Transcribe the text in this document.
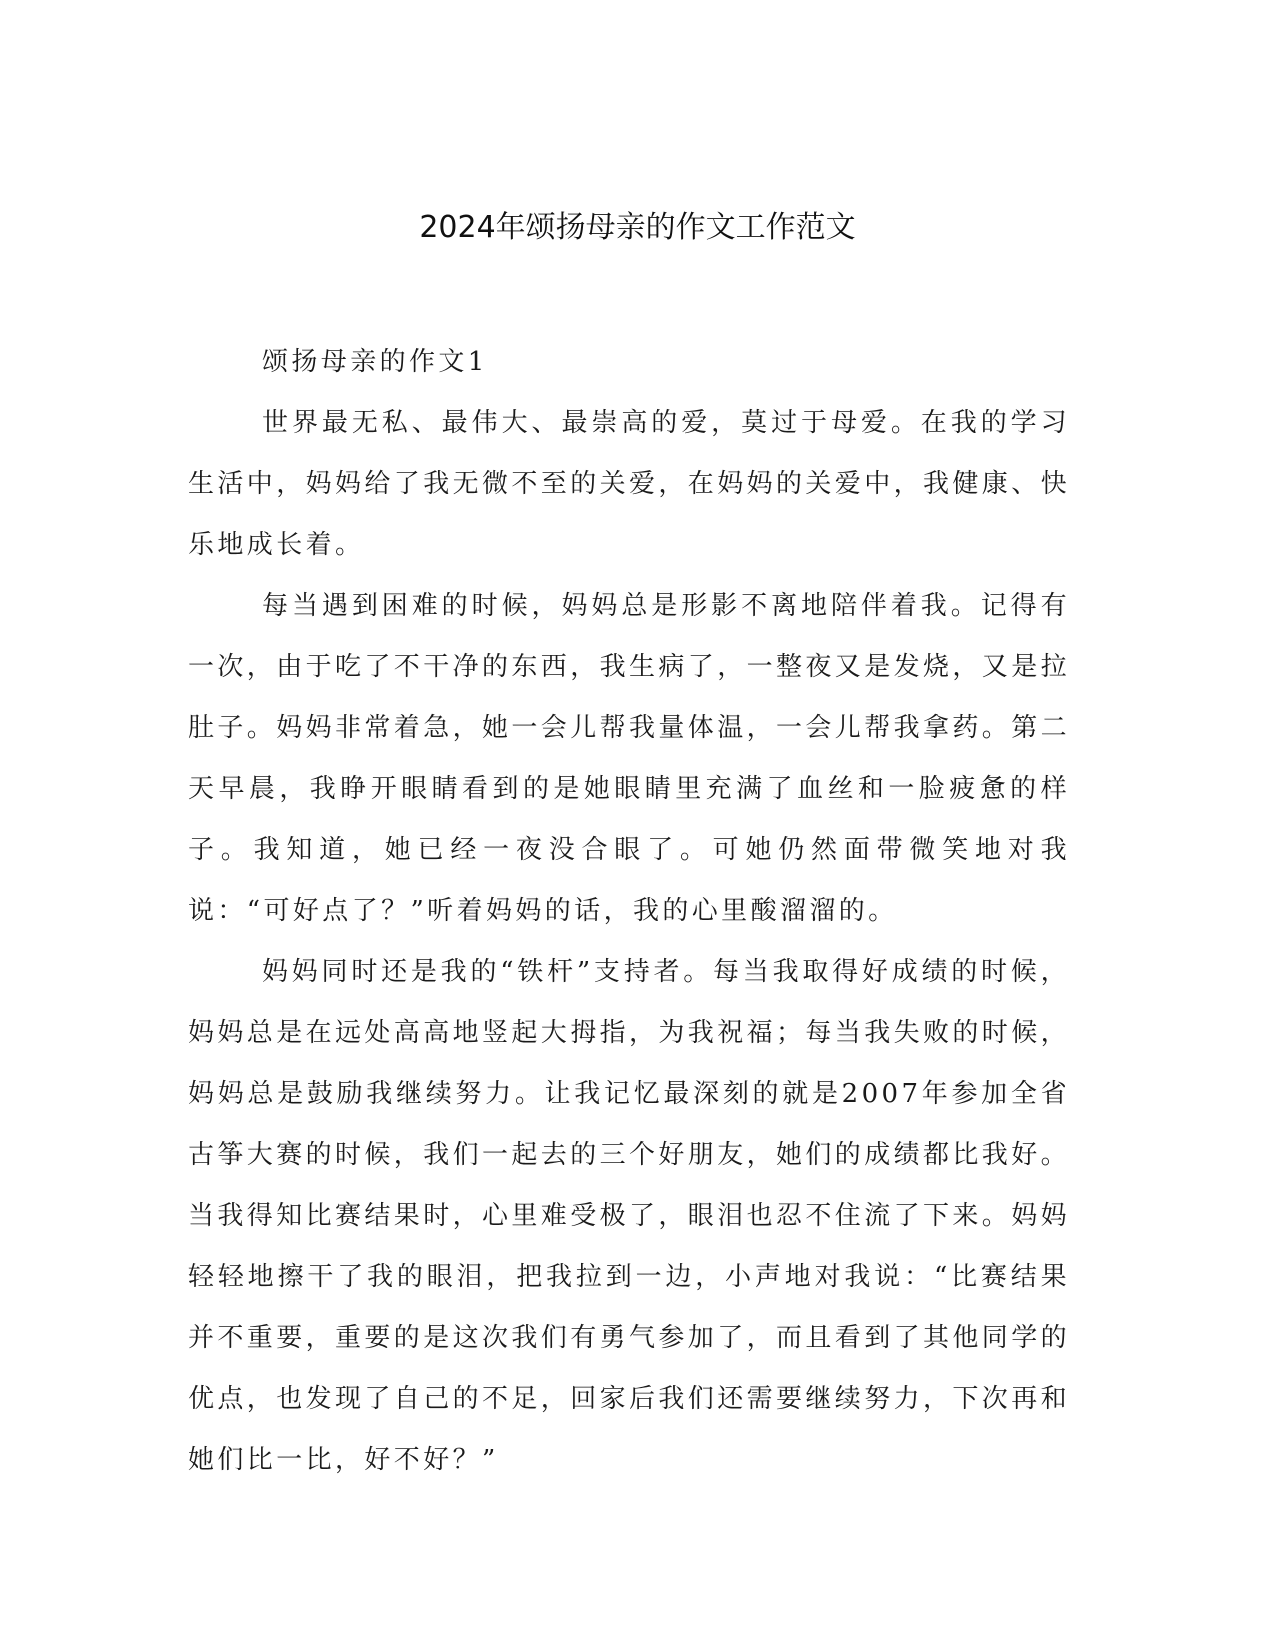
2024年颂扬母亲的作文工作范文

颂扬母亲的作文1

世界最无私、最伟大、最崇高的爱，莫过于母爱。在我的学习生活中，妈妈给了我无微不至的关爱，在妈妈的关爱中，我健康、快乐地成长着。

每当遇到困难的时候，妈妈总是形影不离地陪伴着我。记得有一次，由于吃了不干净的东西，我生病了，一整夜又是发烧，又是拉肚子。妈妈非常着急，她一会儿帮我量体温，一会儿帮我拿药。第二天早晨，我睁开眼睛看到的是她眼睛里充满了血丝和一脸疲惫的样子。我知道，她已经一夜没合眼了。可她仍然面带微笑地对我说：“可好点了？”听着妈妈的话，我的心里酸溜溜的。

妈妈同时还是我的“铁杆”支持者。每当我取得好成绩的时候，妈妈总是在远处高高地竖起大拇指，为我祝福；每当我失败的时候，妈妈总是鼓励我继续努力。让我记忆最深刻的就是2007年参加全省古筝大赛的时候，我们一起去的三个好朋友，她们的成绩都比我好。当我得知比赛结果时，心里难受极了，眼泪也忍不住流了下来。妈妈轻轻地擦干了我的眼泪，把我拉到一边，小声地对我说：“比赛结果并不重要，重要的是这次我们有勇气参加了，而且看到了其他同学的优点，也发现了自己的不足，回家后我们还需要继续努力，下次再和她们比一比，好不好？”
